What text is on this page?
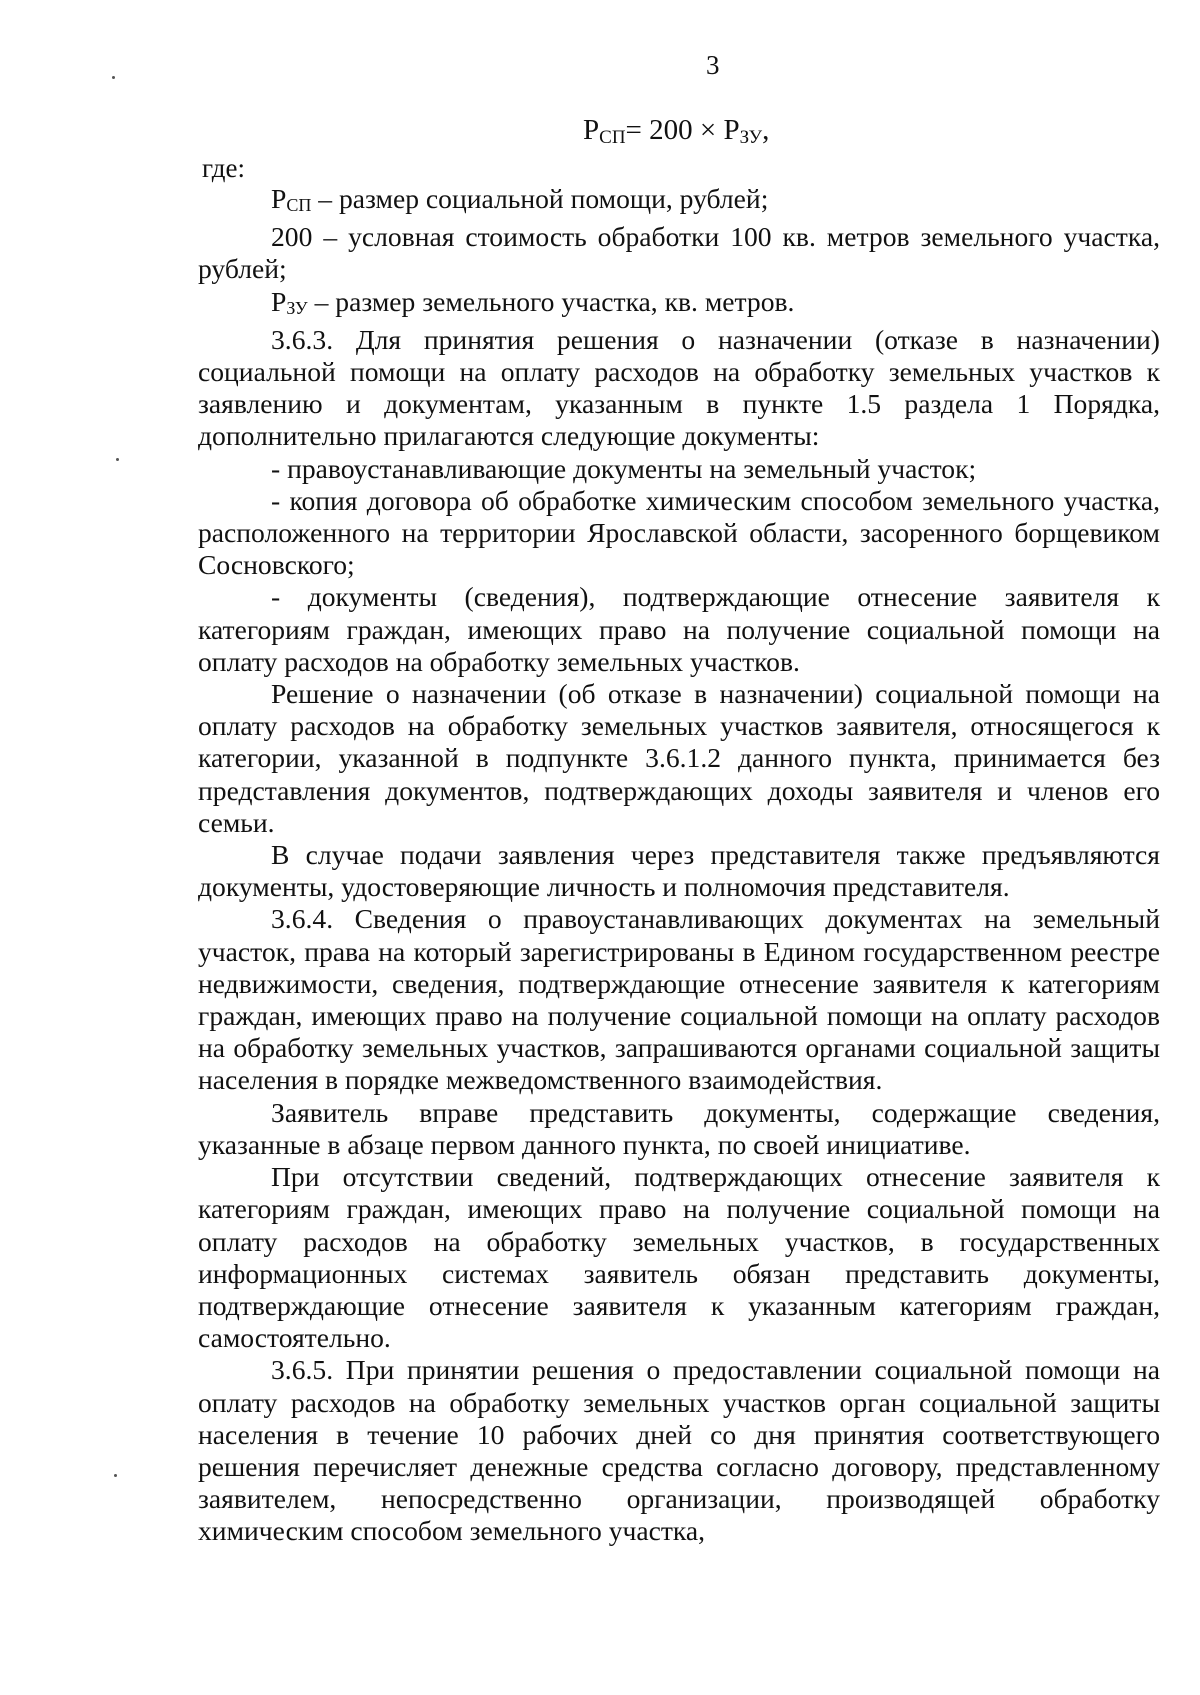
3
$Р_{СП}= 200 \times Р_{ЗУ}$,
где:

$Р_{СП}$ – размер социальной помощи, рублей;

200 – условная стоимость обработки 100 кв. метров земельного участка, рублей;

$Р_{ЗУ}$ – размер земельного участка, кв. метров.

3.6.3. Для принятия решения о назначении (отказе в назначении) социальной помощи на оплату расходов на обработку земельных участков к заявлению и документам, указанным в пункте 1.5 раздела 1 Порядка, дополнительно прилагаются следующие документы:

- правоустанавливающие документы на земельный участок;

- копия договора об обработке химическим способом земельного участка, расположенного на территории Ярославской области, засоренного борщевиком Сосновского;

- документы (сведения), подтверждающие отнесение заявителя к категориям граждан, имеющих право на получение социальной помощи на оплату расходов на обработку земельных участков.

Решение о назначении (об отказе в назначении) социальной помощи на оплату расходов на обработку земельных участков заявителя, относящегося к категории, указанной в подпункте 3.6.1.2 данного пункта, принимается без представления документов, подтверждающих доходы заявителя и членов его семьи.

В случае подачи заявления через представителя также предъявляются документы, удостоверяющие личность и полномочия представителя.

3.6.4. Сведения о правоустанавливающих документах на земельный участок, права на который зарегистрированы в Едином государственном реестре недвижимости, сведения, подтверждающие отнесение заявителя к категориям граждан, имеющих право на получение социальной помощи на оплату расходов на обработку земельных участков, запрашиваются органами социальной защиты населения в порядке межведомственного взаимодействия.

Заявитель вправе представить документы, содержащие сведения, указанные в абзаце первом данного пункта, по своей инициативе.

При отсутствии сведений, подтверждающих отнесение заявителя к категориям граждан, имеющих право на получение социальной помощи на оплату расходов на обработку земельных участков, в государственных информационных системах заявитель обязан представить документы, подтверждающие отнесение заявителя к указанным категориям граждан, самостоятельно.

3.6.5. При принятии решения о предоставлении социальной помощи на оплату расходов на обработку земельных участков орган социальной защиты населения в течение 10 рабочих дней со дня принятия соответствующего решения перечисляет денежные средства согласно договору, представленному заявителем, непосредственно организации, производящей обработку химическим способом земельного участка,
